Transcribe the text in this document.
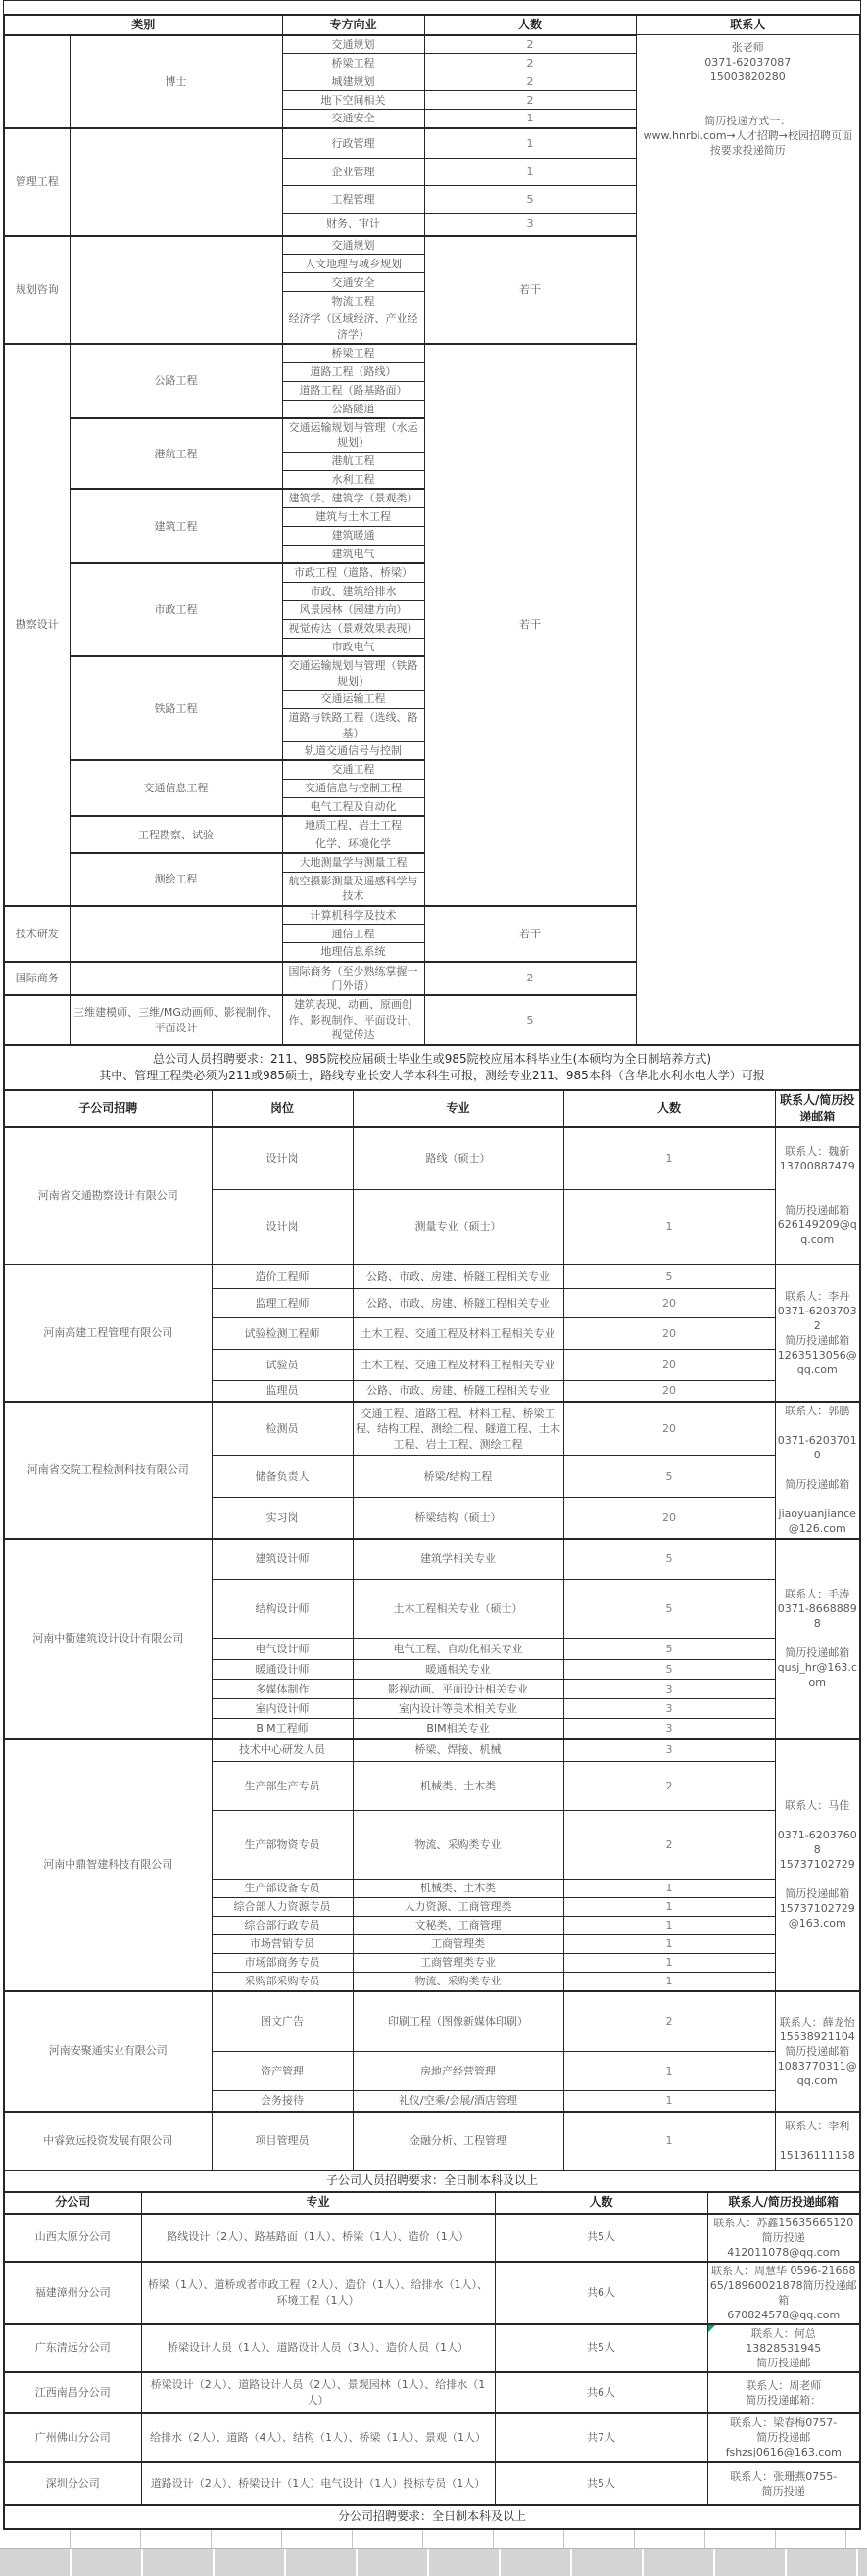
类别		专方向业	人数	联系人
	博士	交通规划	2	张老师
0371-62037087
15003820280

简历投递方式一：
www.hnrbi.com→人才招聘→校园招聘页面
按要求投递简历

		桥梁工程	2	
		城建规划	2	
		地下空间相关	2	
		交通安全	1	
管理工程		行政管理	1	
		企业管理	1	
		工程管理	5	
		财务、审计	3	
规划咨询		交通规划	若干	
		人文地理与城乡规划		
		交通安全		
		物流工程		
		经济学（区域经济、产业经济学）		
勘察设计	公路工程	桥梁工程	若干	
		道路工程（路线）		
		道路工程（路基路面）		
		公路隧道		
	港航工程	交通运输规划与管理（水运规划）		
		港航工程		
		水利工程		
	建筑工程	建筑学、建筑学（景观类）		
		建筑与土木工程		
		建筑暖通		
		建筑电气		
	市政工程	市政工程（道路、桥梁）		
		市政、建筑给排水		
		风景园林（园建方向）		
		视觉传达（景观效果表现）		
		市政电气		
	铁路工程	交通运输规划与管理（铁路规划）		
		交通运输工程		
		道路与铁路工程（选线、路基）		
		轨道交通信号与控制		
	交通信息工程	交通工程		
		交通信息与控制工程		
		电气工程及自动化		
	工程勘察、试验	地质工程、岩土工程		
		化学、环境化学		
	测绘工程	大地测量学与测量工程		
		航空摄影测量及遥感科学与技术		
技术研发		计算机科学及技术	若干	
		通信工程		
		地理信息系统		
国际商务		国际商务（至少熟练掌握一门外语）	2	
	三维建模师、三维/MG动画师、影视制作、平面设计	建筑表现、动画、原画创作、影视制作、平面设计、视觉传达	5	

总公司人员招聘要求：211、985院校应届硕士毕业生或985院校应届本科毕业生(本硕均为全日制培养方式)
其中、管理工程类必须为211或985硕士，路线专业长安大学本科生可报，测绘专业211、985本科（含华北水利水电大学）可报				
子公司招聘	岗位	专业	人数	联系人/简历投递邮箱
河南省交通勘察设计有限公司	设计岗	路线（硕士）	1	联系人：魏新
13700887479

简历投递邮箱
626149209@qq.com

	设计岗	测量专业（硕士）	1	
河南高建工程管理有限公司	造价工程师	公路、市政、房建、桥隧工程相关专业	5	联系人：李丹
0371-62037032
简历投递邮箱
1263513056@qq.com

	监理工程师	公路、市政、房建、桥隧工程相关专业	20	
	试验检测工程师	土木工程、交通工程及材料工程相关专业	20	
	试验员	土木工程、交通工程及材料工程相关专业	20	
	监理员	公路、市政、房建、桥隧工程相关专业	20	
河南省交院工程检测科技有限公司	检测员	交通工程、道路工程、材料工程、桥梁工程、结构工程、测绘工程、隧道工程、土木工程、岩土工程、测绘工程	20	联系人：郭鹏

0371-62037010

简历投递邮箱

jiaoyuanjiance@126.com

	储备负责人	桥梁/结构工程	5	
	实习岗	桥梁结构（硕士）	20	
河南中衢建筑设计设计有限公司	建筑设计师	建筑学相关专业	5	联系人：毛涛
0371-86688898

简历投递邮箱
qusj_hr@163.com

	结构设计师	土木工程相关专业（硕士）	5	
	电气设计师	电气工程、自动化相关专业	5	
	暖通设计师	暖通相关专业	5	
	多媒体制作	影视动画、平面设计相关专业	3	
	室内设计师	室内设计等美术相关专业	3	
	BIM工程师	BIM相关专业	3	
河南中鼎智建科技有限公司	技术中心研发人员	桥梁、焊接、机械	3	联系人：马佳

0371-62037608
15737102729

简历投递邮箱
15737102729@163.com

	生产部生产专员	机械类、土木类	2	
	生产部物资专员	物流、采购类专业	2	
	生产部设备专员	机械类、土木类	1	
	综合部人力资源专员	人力资源、工商管理类	1	
	综合部行政专员	文秘类、工商管理	1	
	市场营销专员	工商管理类	1	
	市场部商务专员	工商管理类专业	1	
	采购部采购专员	物流、采购类专业	1	
河南安聚通实业有限公司	图文广告	印刷工程（图像新媒体印刷）	2	联系人：薛龙怡
15538921104
简历投递邮箱
1083770311@qq.com

	资产管理	房地产经营管理	1	
	会务接待	礼仪/空乘/会展/酒店管理	1	
中睿致远投资发展有限公司	项目管理员	金融分析、工程管理	1	联系人：李利

15136111158

子公司人员招聘要求：全日制本科及以上				
分公司	专业	人数	联系人/简历投递邮箱
山西太原分公司	路线设计（2人）、路基路面（1人）、桥梁（1人）、造价（1人）	共5人	联系人：苏鑫15635665120
简历投递
412011078@qq.com

福建漳州分公司	桥梁（1人）、道桥或者市政工程（2人）、造价（1人）、给排水（1人）、环境工程（1人）	共6人	联系人：周慧华 0596-2166865/18960021878简历投递邮箱
670824578@qq.com

广东清远分公司	桥梁设计人员（1人）、道路设计人员（3人）、造价人员（1人）	共5人	联系人：何总
13828531945
简历投递邮

江西南昌分公司	桥梁设计（2人）、道路设计人员（2人）、景观园林（1人）、给排水（1人）	共6人	联系人：周老师
简历投递邮箱：

广州佛山分公司	给排水（2人）、道路（4人）、结构（1人）、桥梁（1人）、景观（1人）	共7人	联系人：梁春梅0757-
简历投递邮
fshzsj0616@163.com

深圳分公司	道路设计（2人）、桥梁设计（1人）电气设计（1人）投标专员（1人）	共5人	联系人：张珊燕0755-
简历投递

分公司招聘要求：全日制本科及以上			
